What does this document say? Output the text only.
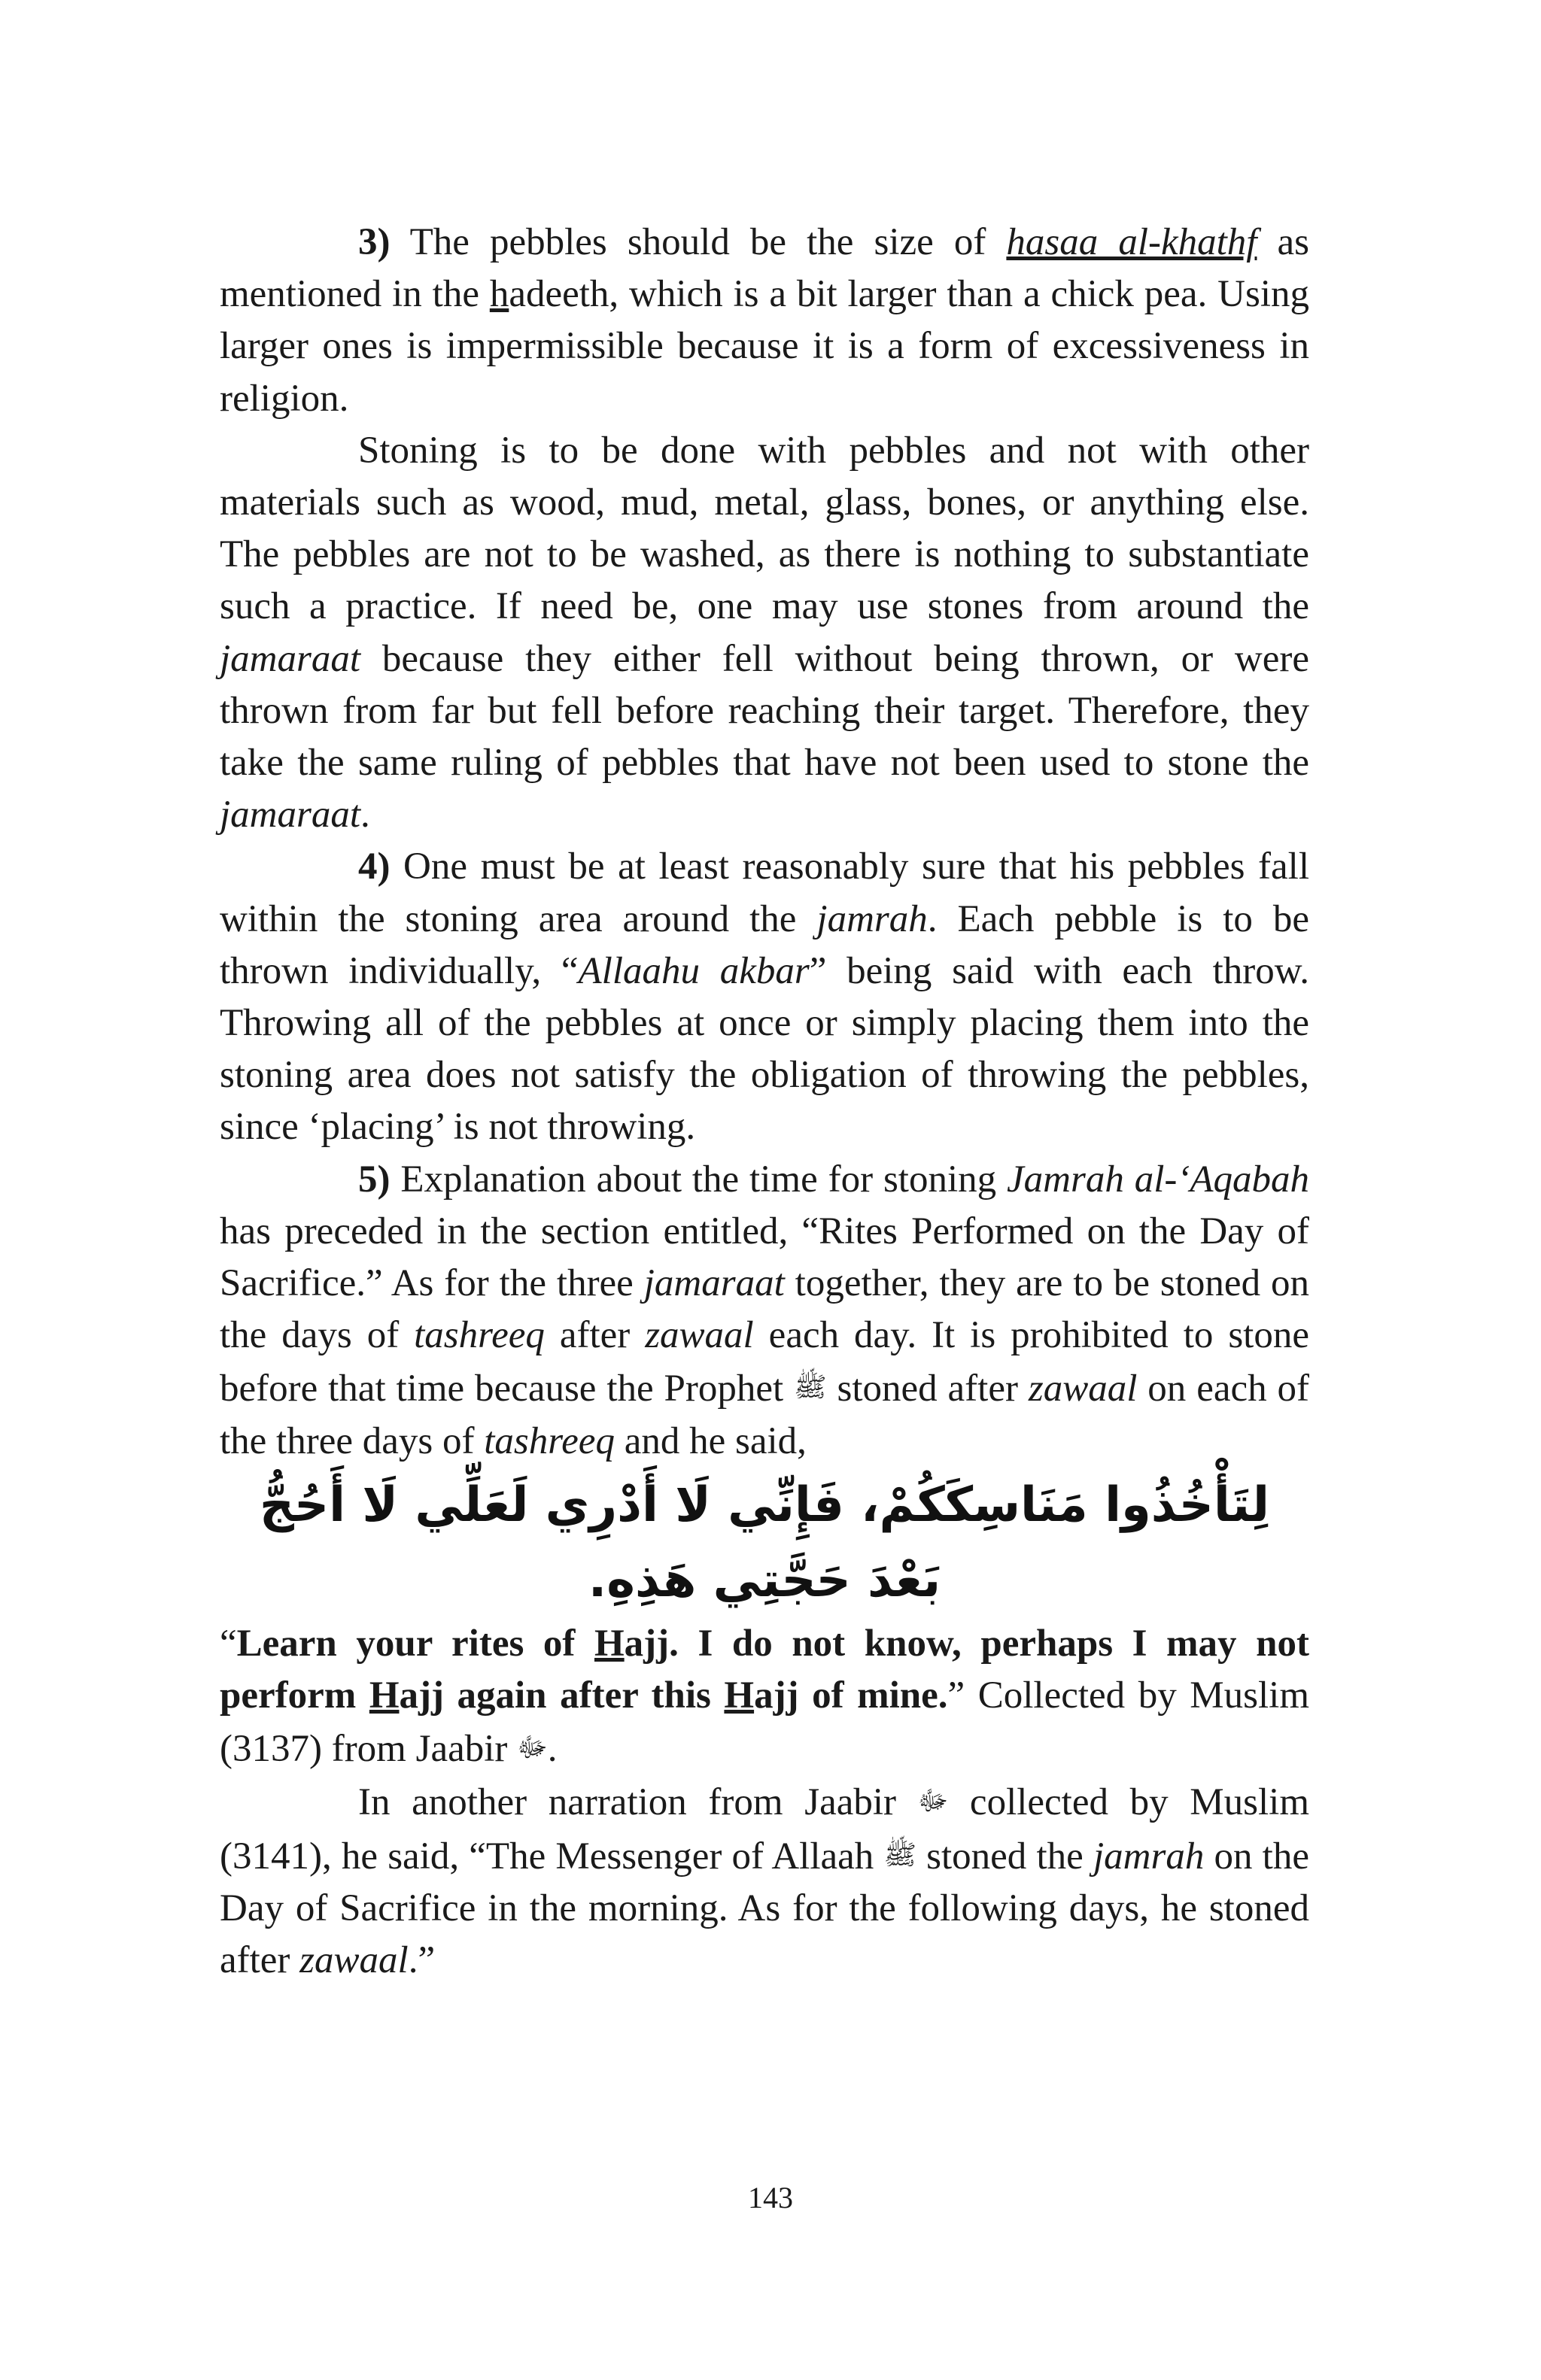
3) The pebbles should be the size of hasaa al-khathf as mentioned in the hadeeth, which is a bit larger than a chick pea. Using larger ones is impermissible because it is a form of excessiveness in religion.

Stoning is to be done with pebbles and not with other materials such as wood, mud, metal, glass, bones, or anything else. The pebbles are not to be washed, as there is nothing to substantiate such a practice. If need be, one may use stones from around the jamaraat because they either fell without being thrown, or were thrown from far but fell before reaching their target. Therefore, they take the same ruling of pebbles that have not been used to stone the jamaraat.

4) One must be at least reasonably sure that his pebbles fall within the stoning area around the jamrah. Each pebble is to be thrown individually, “Allaahu akbar” being said with each throw. Throwing all of the pebbles at once or simply placing them into the stoning area does not satisfy the obligation of throwing the pebbles, since ‘placing’ is not throwing.

5) Explanation about the time for stoning Jamrah al-‘Aqabah has preceded in the section entitled, “Rites Performed on the Day of Sacrifice.” As for the three jamaraat together, they are to be stoned on the days of tashreeq after zawaal each day. It is prohibited to stone before that time because the Prophet ﷺ stoned after zawaal on each of the three days of tashreeq and he said,

لِتَأْخُذُوا مَنَاسِكَكُمْ، فَإِنِّي لَا أَدْرِي لَعَلِّي لَا أَحُجُّ بَعْدَ حَجَّتِي هَذِهِ.

“Learn your rites of Hajj. I do not know, perhaps I may not perform Hajj again after this Hajj of mine.” Collected by Muslim (3137) from Jaabir ﷻ.

In another narration from Jaabir ﷻ collected by Muslim (3141), he said, “The Messenger of Allaah ﷺ stoned the jamrah on the Day of Sacrifice in the morning. As for the following days, he stoned after zawaal.”

143
